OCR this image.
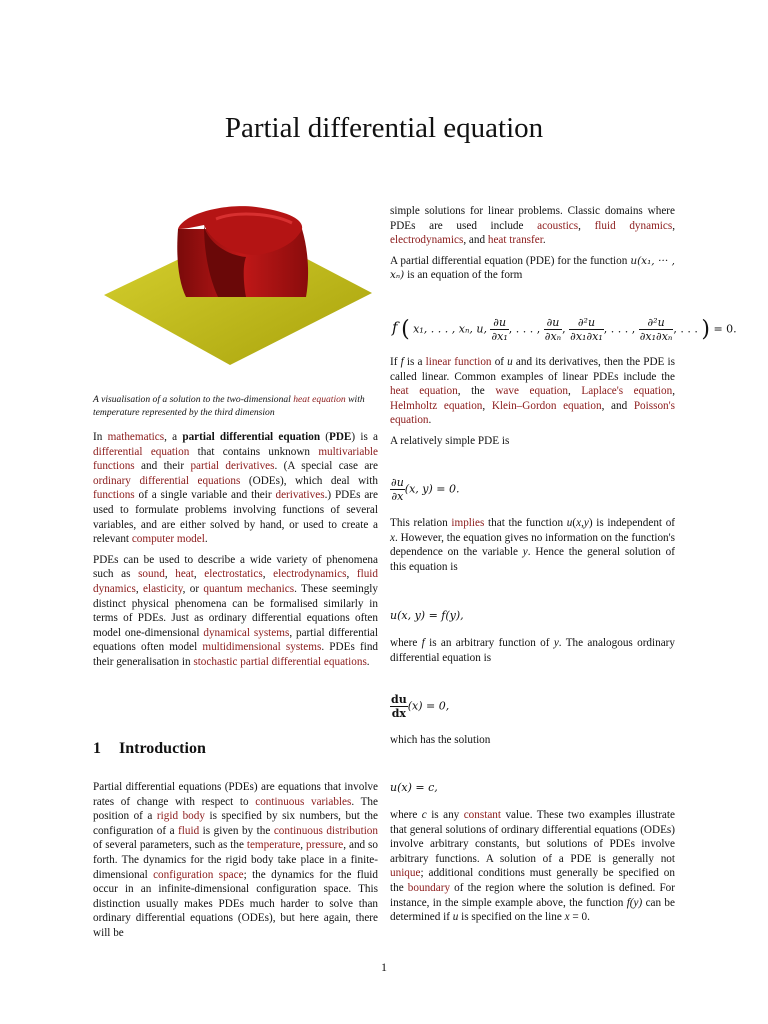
Partial differential equation
A visualisation of a solution to the two-dimensional heat equation with temperature represented by the third dimension

In mathematics, a partial differential equation (PDE) is a differential equation that contains unknown multivariable functions and their partial derivatives. (A special case are ordinary differential equations (ODEs), which deal with functions of a single variable and their derivatives.) PDEs are used to formulate problems involving functions of several variables, and are either solved by hand, or used to create a relevant computer model.

PDEs can be used to describe a wide variety of phenomena such as sound, heat, electrostatics, electrodynamics, fluid dynamics, elasticity, or quantum mechanics. These seemingly distinct physical phenomena can be formalised similarly in terms of PDEs. Just as ordinary differential equations often model one-dimensional dynamical systems, partial differential equations often model multidimensional systems. PDEs find their generalisation in stochastic partial differential equations.

1 Introduction

Partial differential equations (PDEs) are equations that involve rates of change with respect to continuous variables. The position of a rigid body is specified by six numbers, but the configuration of a fluid is given by the continuous distribution of several parameters, such as the temperature, pressure, and so forth. The dynamics for the rigid body take place in a finite-dimensional configuration space; the dynamics for the fluid occur in an infinite-dimensional configuration space. This distinction usually makes PDEs much harder to solve than ordinary differential equations (ODEs), but here again, there will be

simple solutions for linear problems. Classic domains where PDEs are used include acoustics, fluid dynamics, electrodynamics, and heat transfer.

A partial differential equation (PDE) for the function u(x₁, ··· , xₙ) is an equation of the form

f ( x₁, . . . , xₙ, u, $\frac{\partial u}{\text{∂x₁}}$ , . . . , $\frac{\partial u}{\text{∂xₙ}}$ , $\frac{\text{∂²u}}{\text{∂x₁∂x₁}}$ , . . . , $\frac{\text{∂²u}}{\text{∂x₁∂xₙ}}$ , . . . ) = 0.

If f is a linear function of u and its derivatives, then the PDE is called linear. Common examples of linear PDEs include the heat equation, the wave equation, Laplace's equation, Helmholtz equation, Klein–Gordon equation, and Poisson's equation.

A relatively simple PDE is

$\frac{\partial u}{\partial x} (x$, y) = 0.

This relation implies that the function u(x,y) is independent of x. However, the equation gives no information on the function's dependence on the variable y. Hence the general solution of this equation is

u(x, y) = f(y),

where f is an arbitrary function of y. The analogous ordinary differential equation is

$\frac{du}{dx} (x) = 0$,

which has the solution

u(x) = c,

where c is any constant value. These two examples illustrate that general solutions of ordinary differential equations (ODEs) involve arbitrary constants, but solutions of PDEs involve arbitrary functions. A solution of a PDE is generally not unique; additional conditions must generally be specified on the boundary of the region where the solution is defined. For instance, in the simple example above, the function f(y) can be determined if u is specified on the line x = 0.

1
